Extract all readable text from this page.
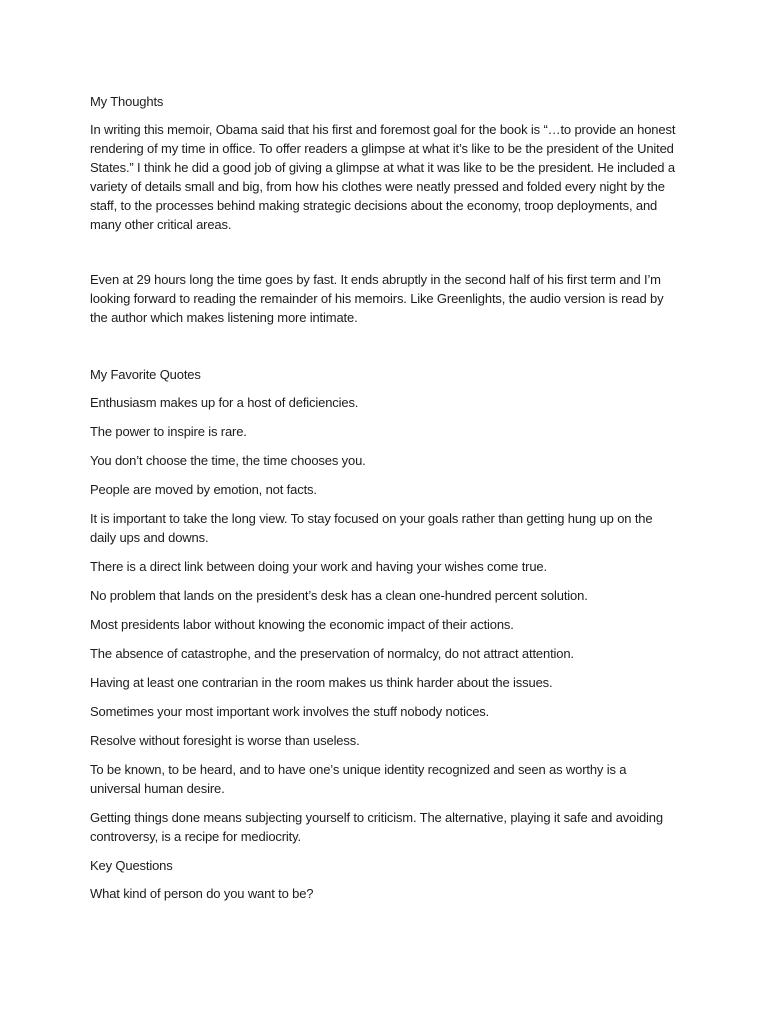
My Thoughts

In writing this memoir, Obama said that his first and foremost goal for the book is “…to provide an honest rendering of my time in office. To offer readers a glimpse at what it’s like to be the president of the United States.” I think he did a good job of giving a glimpse at what it was like to be the president. He included a variety of details small and big, from how his clothes were neatly pressed and folded every night by the staff, to the processes behind making strategic decisions about the economy, troop deployments, and many other critical areas.

Even at 29 hours long the time goes by fast. It ends abruptly in the second half of his first term and I’m looking forward to reading the remainder of his memoirs. Like Greenlights, the audio version is read by the author which makes listening more intimate.

My Favorite Quotes

Enthusiasm makes up for a host of deficiencies.

The power to inspire is rare.

You don’t choose the time, the time chooses you.

People are moved by emotion, not facts.

It is important to take the long view. To stay focused on your goals rather than getting hung up on the daily ups and downs.

There is a direct link between doing your work and having your wishes come true.

No problem that lands on the president’s desk has a clean one-hundred percent solution.

Most presidents labor without knowing the economic impact of their actions.

The absence of catastrophe, and the preservation of normalcy, do not attract attention.

Having at least one contrarian in the room makes us think harder about the issues.

Sometimes your most important work involves the stuff nobody notices.

Resolve without foresight is worse than useless.

To be known, to be heard, and to have one’s unique identity recognized and seen as worthy is a universal human desire.

Getting things done means subjecting yourself to criticism. The alternative, playing it safe and avoiding controversy, is a recipe for mediocrity.

Key Questions

What kind of person do you want to be?
